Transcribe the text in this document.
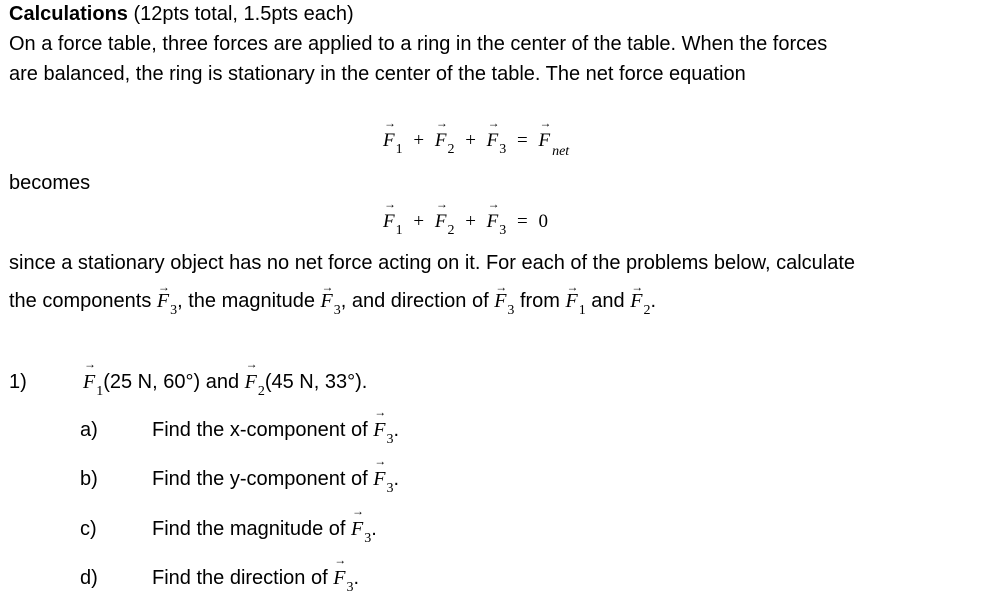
Calculations (12pts total, 1.5pts each)
On a force table, three forces are applied to a ring in the center of the table. When the forces
are balanced, the ring is stationary in the center of the table. The net force equation
→ $F_1$ + → $F_2$ + → $F_3$ = → $F_{net}$
becomes
→ $F_1$ + → $F_2$ + → $F_3 = 0$
since a stationary object has no net force acting on it. For each of the problems below, calculate
the components → $F_3$, the magnitude → $F_3$, and direction of → $F_3$ from → $F_1$ and → $F_2$.
1)	→ $F_1(25$ N, 60°) and → $F_2(45$ N, 33°).
a)	Find the x-component of → $F_3$.
b)	Find the y-component of → $F_3$.
c)	Find the magnitude of → $F_3$.
d)	Find the direction of → $F_3$.
